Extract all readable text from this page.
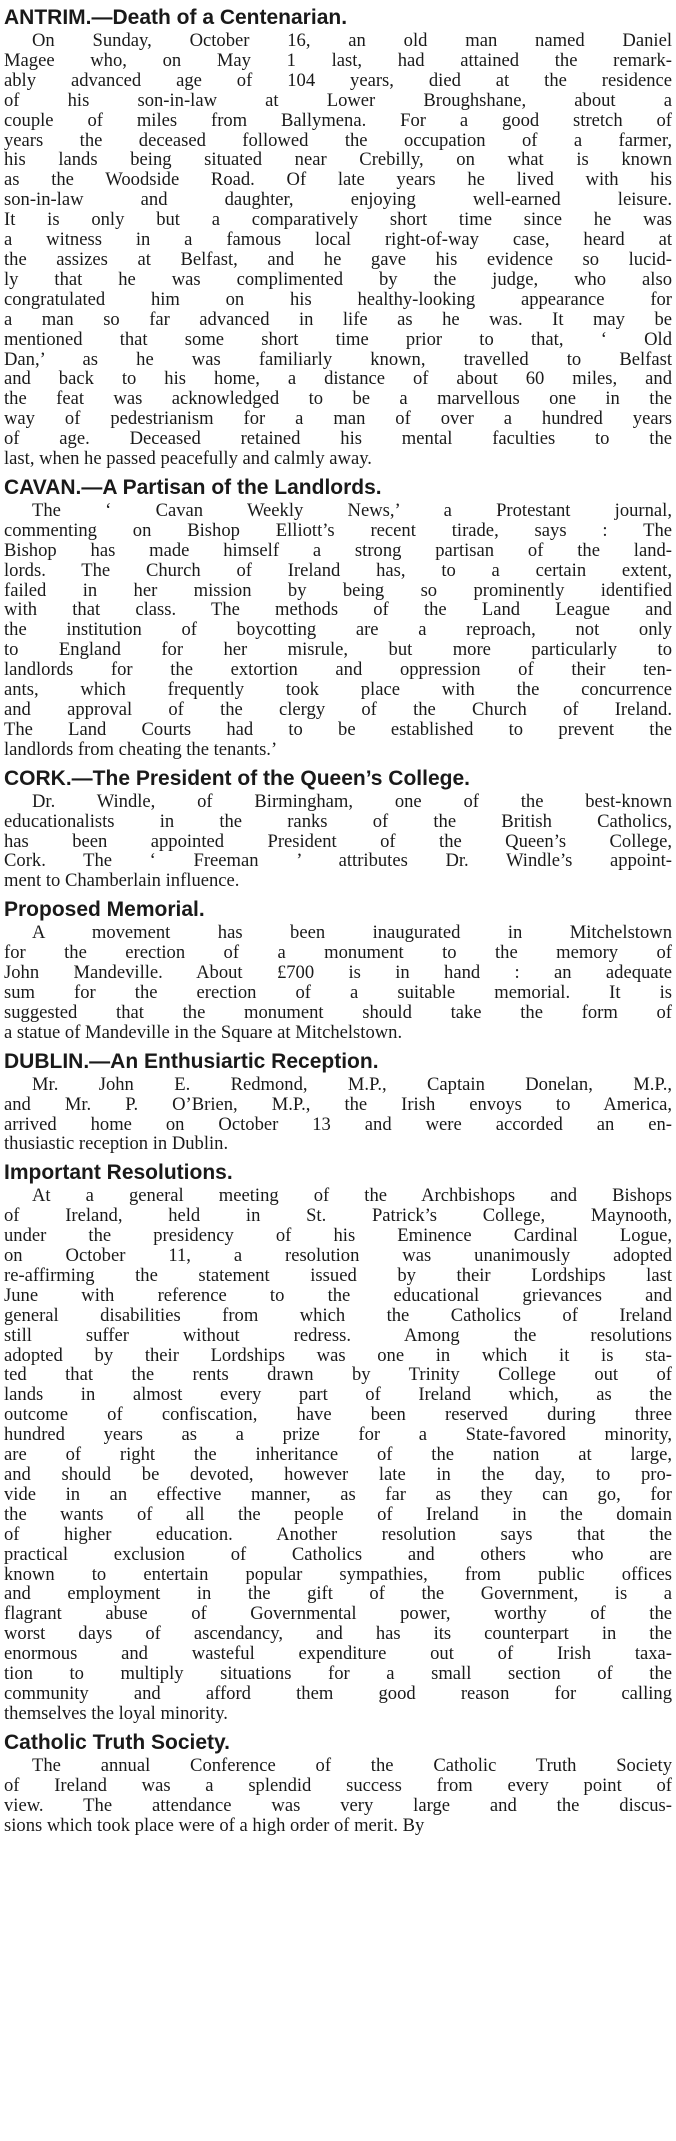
ANTRIM.—Death of a Centenarian.

On Sunday, October 16, an old man named Daniel
Magee who, on May 1 last, had attained the remark-
ably advanced age of 104 years, died at the residence
of his son-in-law at Lower Broughshane, about a
couple of miles from Ballymena. For a good stretch of
years the deceased followed the occupation of a farmer,
his lands being situated near Crebilly, on what is known
as the Woodside Road. Of late years he lived with his
son-in-law and daughter, enjoying well-earned leisure.
It is only but a comparatively short time since he was
a witness in a famous local right-of-way case, heard at
the assizes at Belfast, and he gave his evidence so lucid-
ly that he was complimented by the judge, who also
congratulated him on his healthy-looking appearance for
a man so far advanced in life as he was. It may be
mentioned that some short time prior to that, ‘ Old
Dan,’ as he was familiarly known, travelled to Belfast
and back to his home, a distance of about 60 miles, and
the feat was acknowledged to be a marvellous one in the
way of pedestrianism for a man of over a hundred years
of age. Deceased retained his mental faculties to the
last, when he passed peacefully and calmly away.

CAVAN.—A Partisan of the Landlords.

The ‘ Cavan Weekly News,’ a Protestant journal,
commenting on Bishop Elliott’s recent tirade, says : The
Bishop has made himself a strong partisan of the land-
lords. The Church of Ireland has, to a certain extent,
failed in her mission by being so prominently identified
with that class. The methods of the Land League and
the institution of boycotting are a reproach, not only
to England for her misrule, but more particularly to
landlords for the extortion and oppression of their ten-
ants, which frequently took place with the concurrence
and approval of the clergy of the Church of Ireland.
The Land Courts had to be established to prevent the
landlords from cheating the tenants.’

CORK.—The President of the Queen’s College.

Dr. Windle, of Birmingham, one of the best-known
educationalists in the ranks of the British Catholics,
has been appointed President of the Queen’s College,
Cork. The ‘ Freeman ’ attributes Dr. Windle’s appoint-
ment to Chamberlain influence.

Proposed Memorial.

A movement has been inaugurated in Mitchelstown
for the erection of a monument to the memory of
John Mandeville. About £700 is in hand : an adequate
sum for the erection of a suitable memorial. It is
suggested that the monument should take the form of
a statue of Mandeville in the Square at Mitchelstown.

DUBLIN.—An Enthusiartic Reception.

Mr. John E. Redmond, M.P., Captain Donelan, M.P.,
and Mr. P. O’Brien, M.P., the Irish envoys to America,
arrived home on October 13 and were accorded an en-
thusiastic reception in Dublin.

Important Resolutions.

At a general meeting of the Archbishops and Bishops
of Ireland, held in St. Patrick’s College, Maynooth,
under the presidency of his Eminence Cardinal Logue,
on October 11, a resolution was unanimously adopted
re-affirming the statement issued by their Lordships last
June with reference to the educational grievances and
general disabilities from which the Catholics of Ireland
still suffer without redress. Among the resolutions
adopted by their Lordships was one in which it is sta-
ted that the rents drawn by Trinity College out of
lands in almost every part of Ireland which, as the
outcome of confiscation, have been reserved during three
hundred years as a prize for a State-favored minority,
are of right the inheritance of the nation at large,
and should be devoted, however late in the day, to pro-
vide in an effective manner, as far as they can go, for
the wants of all the people of Ireland in the domain
of higher education. Another resolution says that the
practical exclusion of Catholics and others who are
known to entertain popular sympathies, from public offices
and employment in the gift of the Government, is a
flagrant abuse of Governmental power, worthy of the
worst days of ascendancy, and has its counterpart in the
enormous and wasteful expenditure out of Irish taxa-
tion to multiply situations for a small section of the
community and afford them good reason for calling
themselves the loyal minority.

Catholic Truth Society.

The annual Conference of the Catholic Truth Society
of Ireland was a splendid success from every point of
view. The attendance was very large and the discus-
sions which took place were of a high order of merit. By
